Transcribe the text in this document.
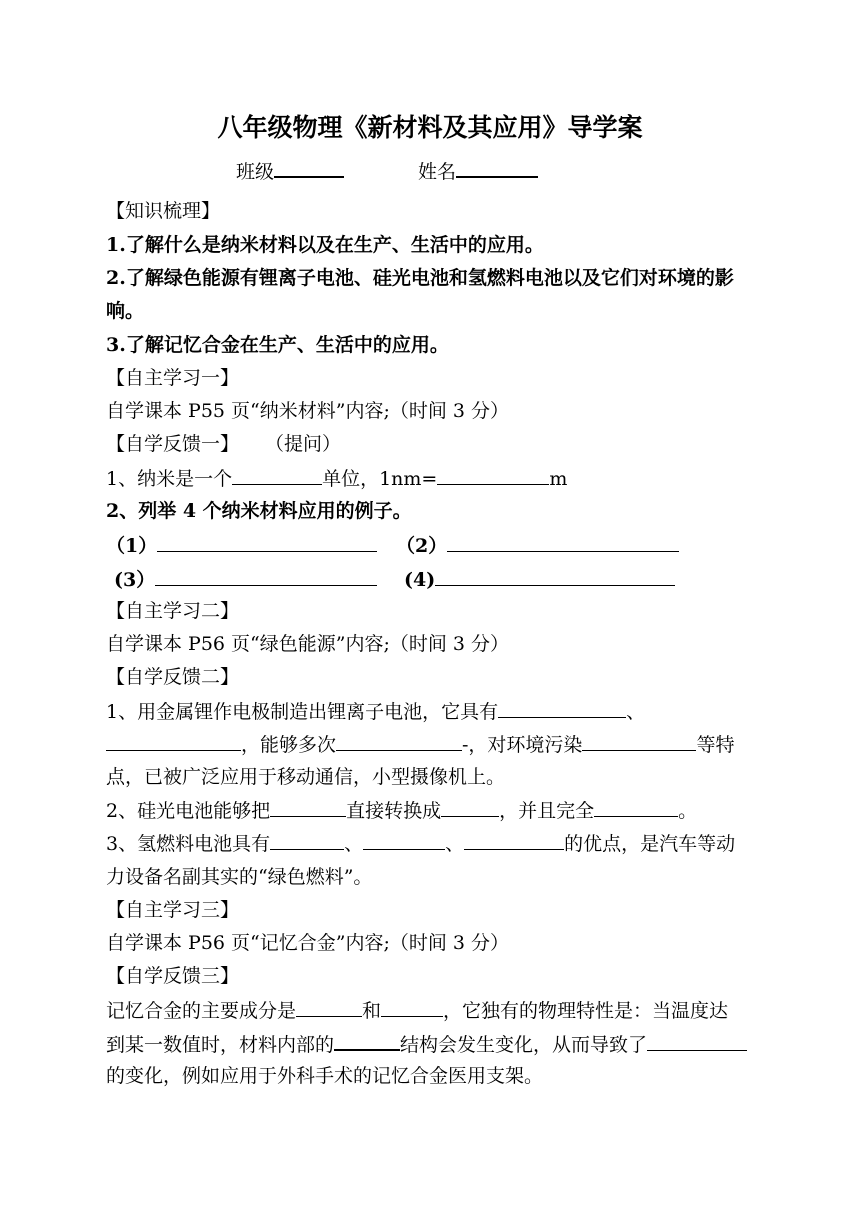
八年级物理《新材料及其应用》导学案
班级	姓名
【知识梳理】
1.了解什么是纳米材料以及在生产、生活中的应用。
2.了解绿色能源有锂离子电池、硅光电池和氢燃料电池以及它们对环境的影
响。
3.了解记忆合金在生产、生活中的应用。
【自主学习一】
自学课本 P55 页“纳米材料”内容;（时间 3 分）
【自学反馈一】 （提问）
1、纳米是一个	单位，1nm=	m
2、列举 4 个纳米材料应用的例子。
（1）	（2）
(3）	(4)
【自主学习二】
自学课本 P56 页“绿色能源”内容;（时间 3 分）
【自学反馈二】
1、用金属锂作电极制造出锂离子电池，它具有	、
，能够多次	-，对环境污染	等特
点，已被广泛应用于移动通信，小型摄像机上。
2、硅光电池能够把	直接转换成	，并且完全	。
3、氢燃料电池具有	、	、	的优点，是汽车等动
力设备名副其实的“绿色燃料”。
【自主学习三】
自学课本 P56 页“记忆合金”内容;（时间 3 分）
【自学反馈三】
记忆合金的主要成分是	和	，它独有的物理特性是：当温度达
到某一数值时，材料内部的	结构会发生变化，从而导致了
的变化，例如应用于外科手术的记忆合金医用支架。
